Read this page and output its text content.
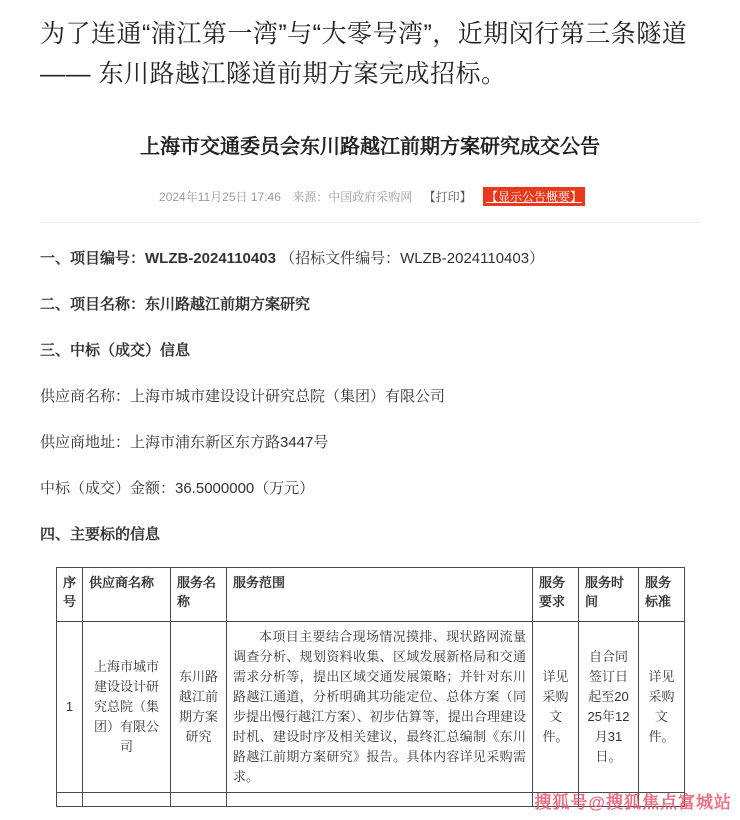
为了连通“浦江第一湾”与“大零号湾”，近期闵行第三条隧道 —— 东川路越江隧道前期方案完成招标。

上海市交通委员会东川路越江前期方案研究成交公告
2024年11月25日 17:46 来源：中国政府采购网 【打印】 【显示公告概要】

一、项目编号：WLZB-2024110403 （招标文件编号：WLZB-2024110403）

二、项目名称：东川路越江前期方案研究

三、中标（成交）信息

供应商名称：上海市城市建设设计研究总院（集团）有限公司

供应商地址：上海市浦东新区东方路3447号

中标（成交）金额：36.5000000（万元）

四、主要标的信息

序号	供应商名称	服务名称	服务范围	服务要求	服务时间	服务标准
1	上海市城市建设设计研究总院（集团）有限公司	东川路越江前期方案研究	本项目主要结合现场情况摸排、现状路网流量调查分析、规划资料收集、区域发展新格局和交通需求分析等，提出区域交通发展策略；并针对东川路越江通道，分析明确其功能定位、总体方案（同步提出慢行越江方案）、初步估算等，提出合理建设时机、建设时序及相关建议，最终汇总编制《东川路越江前期方案研究》报告。具体内容详见采购需求。	详见采购文件。	自合同签订日起至2025年12月31日。	详见采购文件。

搜狐号@搜狐焦点富城站
